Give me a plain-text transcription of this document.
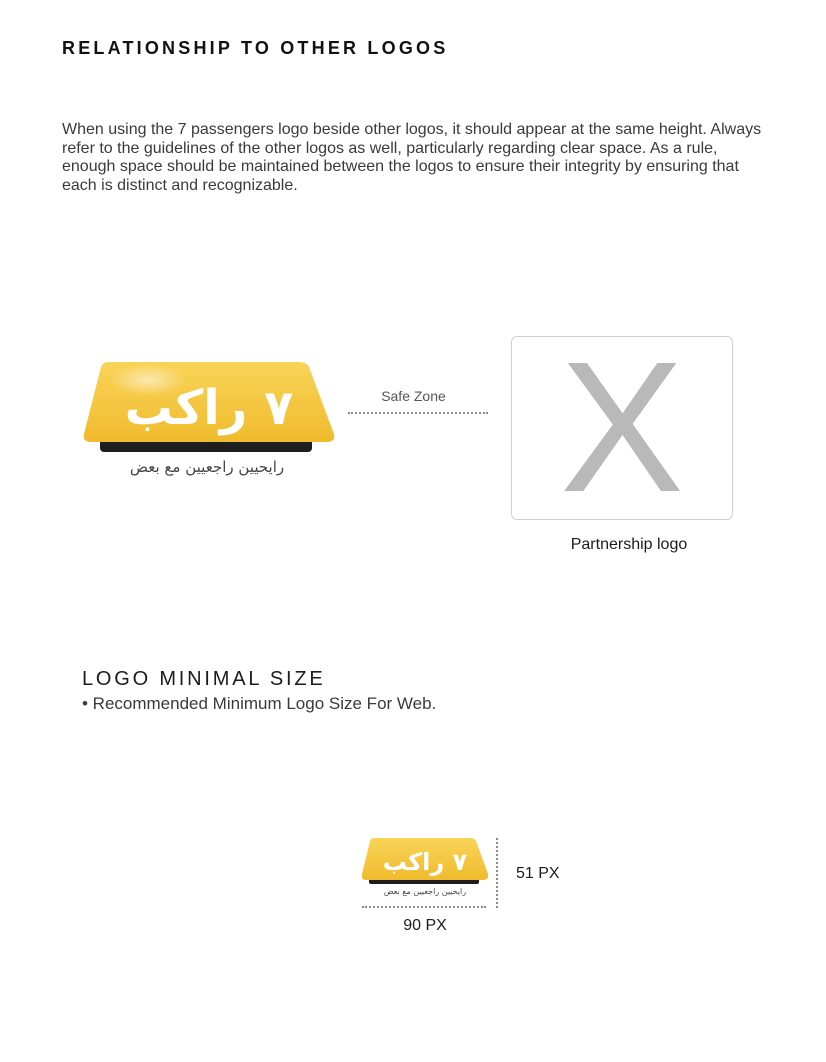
RELATIONSHIP TO OTHER LOGOS

When using the 7 passengers logo beside other logos, it should appear at the same height. Always refer to the guidelines of the other logos as well, particularly regarding clear space. As a rule, enough space should be maintained between the logos to ensure their integrity by ensuring that each is distinct and recognizable.

٧ راكب
رايحيين راجعيين مع بعض
Safe Zone X
Partnership logo
LOGO MINIMAL SIZE
• Recommended Minimum Logo Size For Web.
٧ راكب
رايحيين راجعيين مع بعض
51 PX
90 PX
